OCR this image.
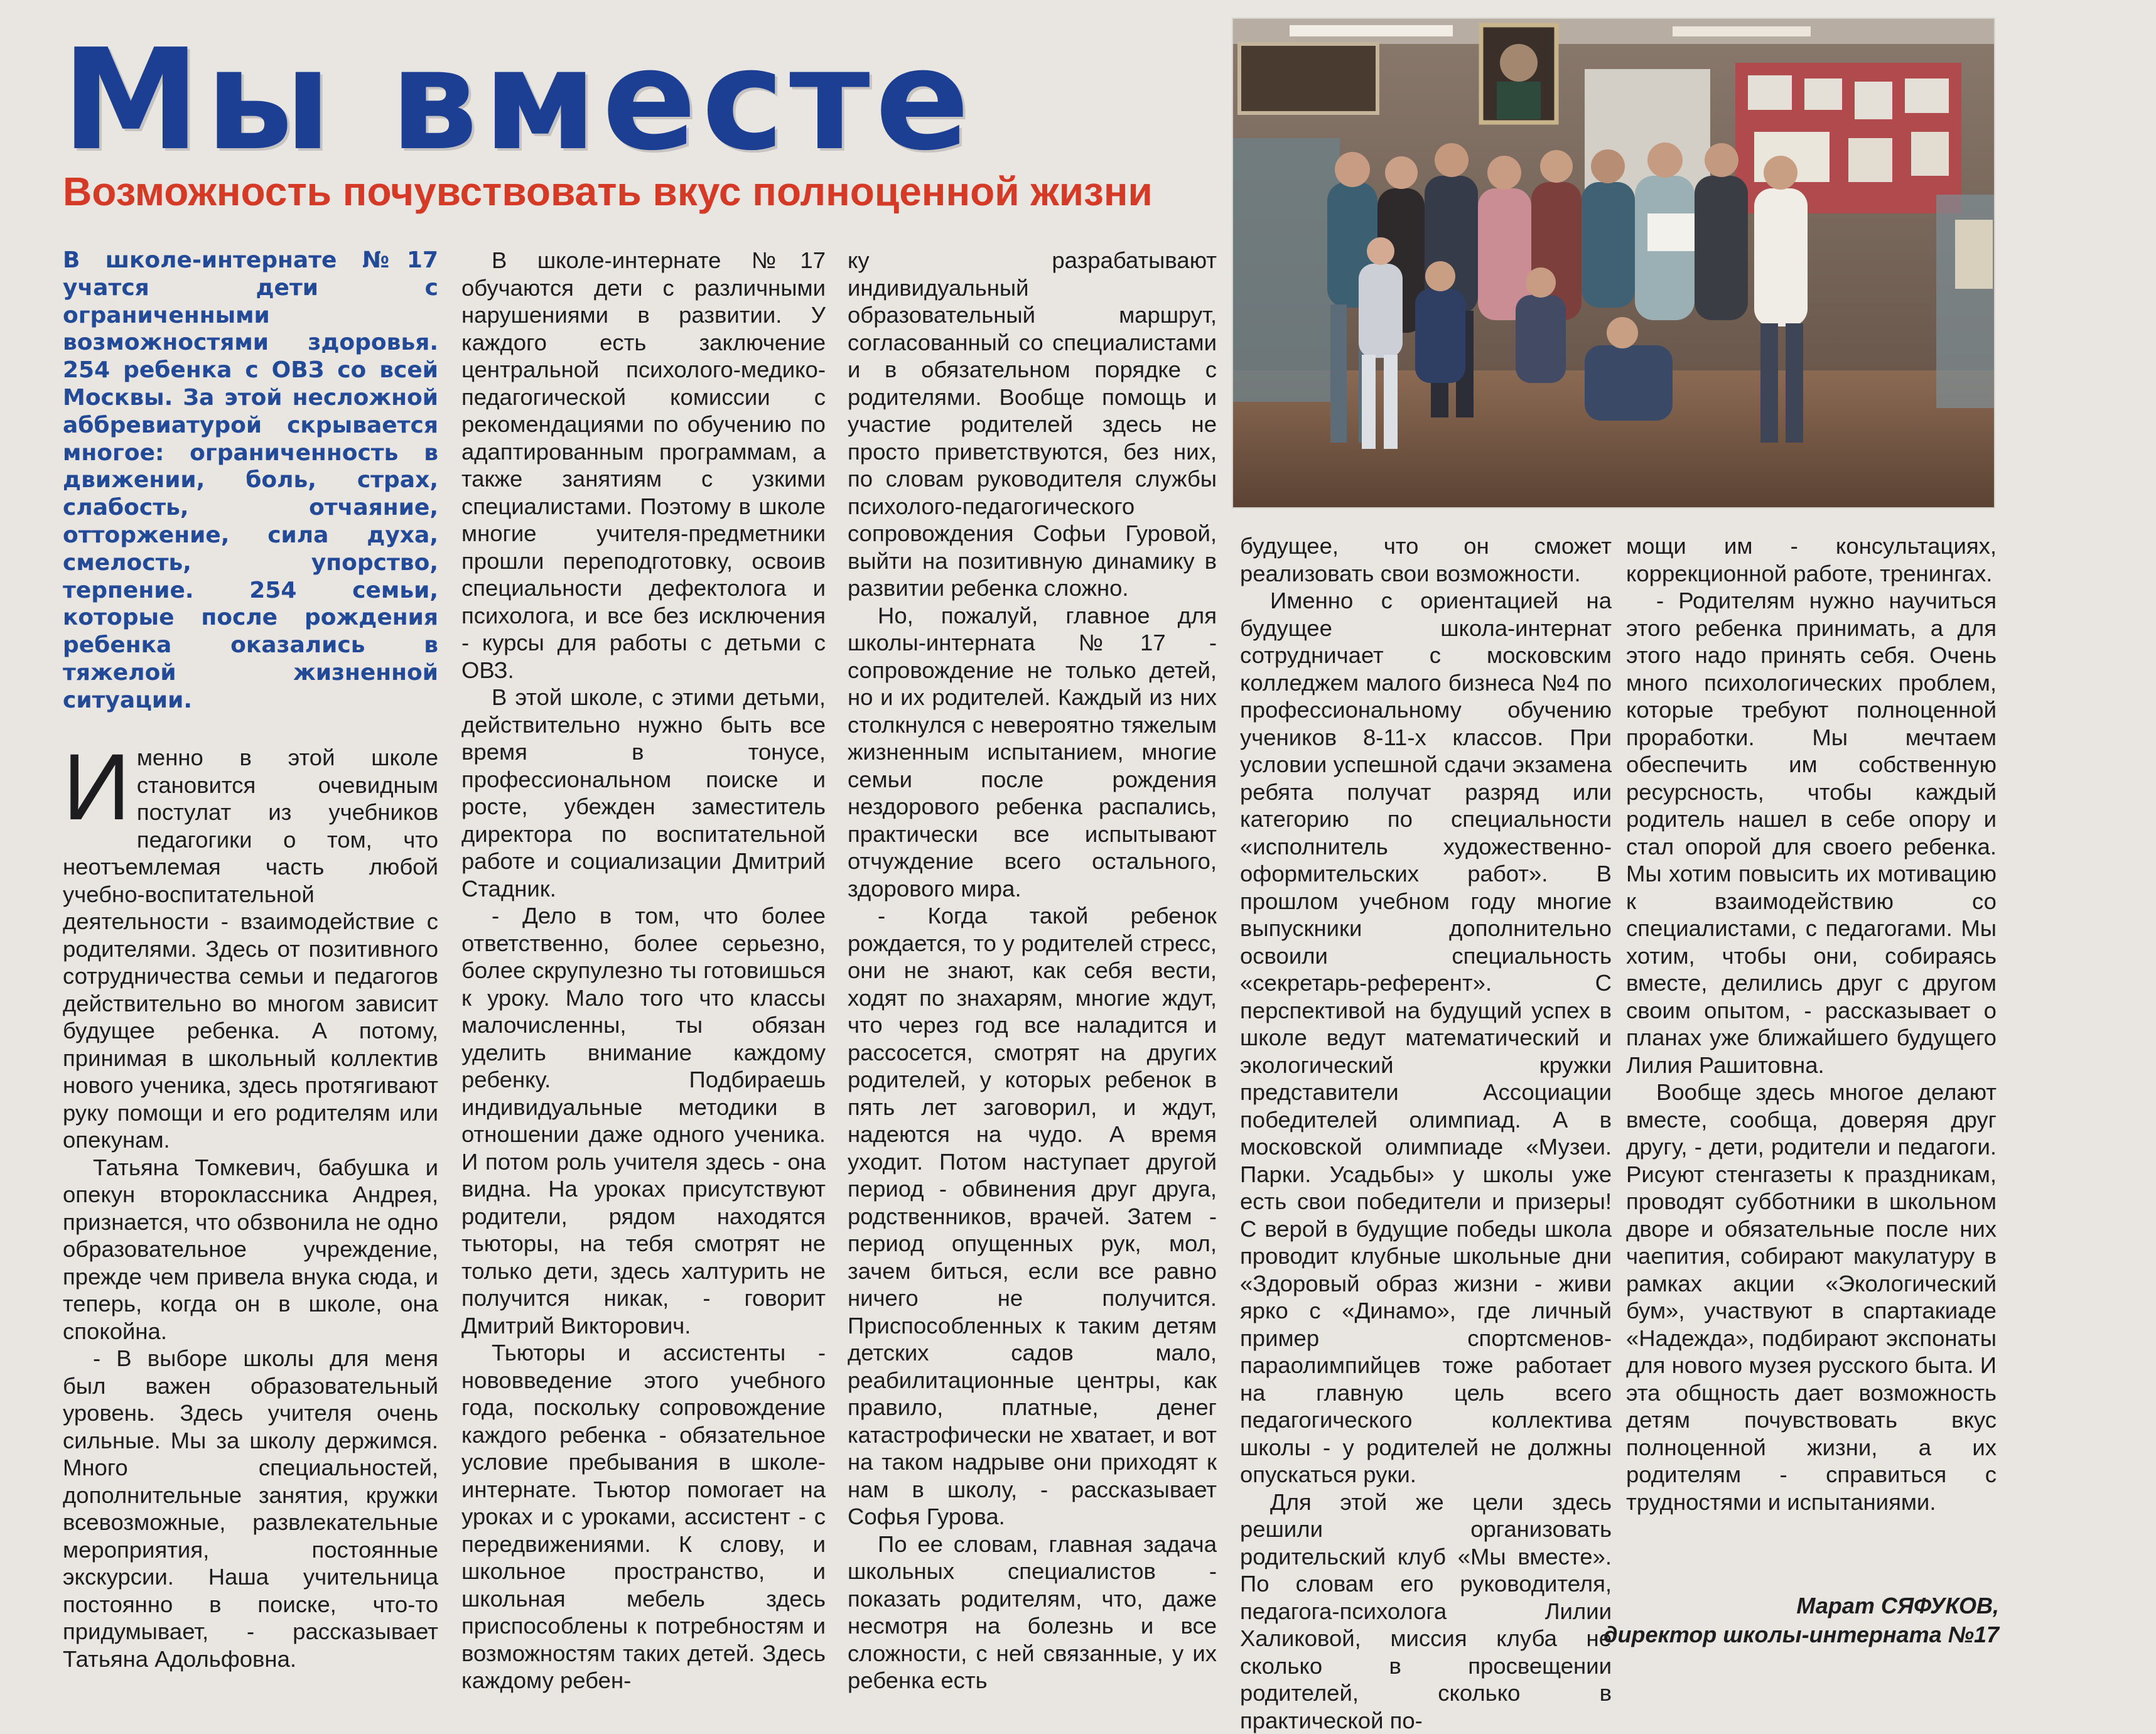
Мы вместе
Возможность почувствовать вкус полноценной жизни
В школе-интернате №17 учатся дети с ограниченными возможностями здоровья. 254 ребенка с ОВЗ со всей Москвы. За этой несложной аббревиатурой скрывается многое: ограниченность в движении, боль, страх, слабость, отчаяние, отторжение, сила духа, смелость, упорство, терпение. 254 семьи, которые после рождения ребенка оказались в тяжелой жизненной ситуации.

Именно в этой школе становится очевидным постулат из учебников педагогики о том, что неотъемлемая часть любой учебно-воспитательной деятельности - взаимодействие с родителями. Здесь от позитивного сотрудничества семьи и педагогов действительно во многом зависит будущее ребенка. А потому, принимая в школьный коллектив нового ученика, здесь протягивают руку помощи и его родителям или опекунам.

Татьяна Томкевич, бабушка и опекун второклассника Андрея, признается, что обзвонила не одно образовательное учреждение, прежде чем привела внука сюда, и теперь, когда он в школе, она спокойна.

- В выборе школы для меня был важен образовательный уровень. Здесь учителя очень сильные. Мы за школу держимся. Много специальностей, дополнительные занятия, кружки всевозможные, развлекательные мероприятия, постоянные экскурсии. Наша учительница постоянно в поиске, что-то придумывает, - рассказывает Татьяна Адольфовна.

В школе-интернате №17 обучаются дети с различными нарушениями в развитии. У каждого есть заключение центральной психолого-медико-педагогической комиссии с рекомендациями по обучению по адаптированным программам, а также занятиям с узкими специалистами. Поэтому в школе многие учителя-предметники прошли переподготовку, освоив специальности дефектолога и психолога, и все без исключения - курсы для работы с детьми с ОВЗ.

В этой школе, с этими детьми, действительно нужно быть все время в тонусе, профессиональном поиске и росте, убежден заместитель директора по воспитательной работе и социализации Дмитрий Стадник.

- Дело в том, что более ответственно, более серьезно, более скрупулезно ты готовишься к уроку. Мало того что классы малочисленны, ты обязан уделить внимание каждому ребенку. Подбираешь индивидуальные методики в отношении даже одного ученика. И потом роль учителя здесь - она видна. На уроках присутствуют родители, рядом находятся тьюторы, на тебя смотрят не только дети, здесь халтурить не получится никак, - говорит Дмитрий Викторович.

Тьюторы и ассистенты - нововведение этого учебного года, поскольку сопровождение каждого ребенка - обязательное условие пребывания в школе-интернате. Тьютор помогает на уроках и с уроками, ассистент - с передвижениями. К слову, и школьное пространство, и школьная мебель здесь приспособлены к потребностям и возможностям таких детей. Здесь каждому ребен-

ку разрабатывают индивидуальный образовательный маршрут, согласованный со специалистами и в обязательном порядке с родителями. Вообще помощь и участие родителей здесь не просто приветствуются, без них, по словам руководителя службы психолого-педагогического сопровождения Софьи Гуровой, выйти на позитивную динамику в развитии ребенка сложно.

Но, пожалуй, главное для школы-интерната №17 - сопровождение не только детей, но и их родителей. Каждый из них столкнулся с невероятно тяжелым жизненным испытанием, многие семьи после рождения нездорового ребенка распались, практически все испытывают отчуждение всего остального, здорового мира.

- Когда такой ребенок рождается, то у родителей стресс, они не знают, как себя вести, ходят по знахарям, многие ждут, что через год все наладится и рассосется, смотрят на других родителей, у которых ребенок в пять лет заговорил, и ждут, надеются на чудо. А время уходит. Потом наступает другой период - обвинения друг друга, родственников, врачей. Затем - период опущенных рук, мол, зачем биться, если все равно ничего не получится. Приспособленных к таким детям детских садов мало, реабилитационные центры, как правило, платные, денег катастрофически не хватает, и вот на таком надрыве они приходят к нам в школу, - рассказывает Софья Гурова.

По ее словам, главная задача школьных специалистов - показать родителям, что, даже несмотря на болезнь и все сложности, с ней связанные, у их ребенка есть

будущее, что он сможет реализовать свои возможности.

Именно с ориентацией на будущее школа-интернат сотрудничает с московским колледжем малого бизнеса №4 по профессиональному обучению учеников 8-11-х классов. При условии успешной сдачи экзамена ребята получат разряд или категорию по специальности «исполнитель художественно-оформительских работ». В прошлом учебном году многие выпускники дополнительно освоили специальность «секретарь-референт». С перспективой на будущий успех в школе ведут математический и экологический кружки представители Ассоциации победителей олимпиад. А в московской олимпиаде «Музеи. Парки. Усадьбы» у школы уже есть свои победители и призеры! С верой в будущие победы школа проводит клубные школьные дни «Здоровый образ жизни - живи ярко с «Динамо», где личный пример спортсменов-параолимпийцев тоже работает на главную цель всего педагогического коллектива школы - у родителей не должны опускаться руки.

Для этой же цели здесь решили организовать родительский клуб «Мы вместе». По словам его руководителя, педагога-психолога Лилии Халиковой, миссия клуба не сколько в просвещении родителей, сколько в практической по-

мощи им - консультациях, коррекционной работе, тренингах.

- Родителям нужно научиться этого ребенка принимать, а для этого надо принять себя. Очень много психологических проблем, которые требуют полноценной проработки. Мы мечтаем обеспечить им собственную ресурсность, чтобы каждый родитель нашел в себе опору и стал опорой для своего ребенка. Мы хотим повысить их мотивацию к взаимодействию со специалистами, с педагогами. Мы хотим, чтобы они, собираясь вместе, делились друг с другом своим опытом, - рассказывает о планах уже ближайшего будущего Лилия Рашитовна.

Вообще здесь многое делают вместе, сообща, доверяя друг другу, - дети, родители и педагоги. Рисуют стенгазеты к праздникам, проводят субботники в школьном дворе и обязательные после них чаепития, собирают макулатуру в рамках акции «Экологический бум», участвуют в спартакиаде «Надежда», подбирают экспонаты для нового музея русского быта. И эта общность дает возможность детям почувствовать вкус полноценной жизни, а их родителям - справиться с трудностями и испытаниями.

Марат СЯФУКОВ,
директор школы-интерната №17
